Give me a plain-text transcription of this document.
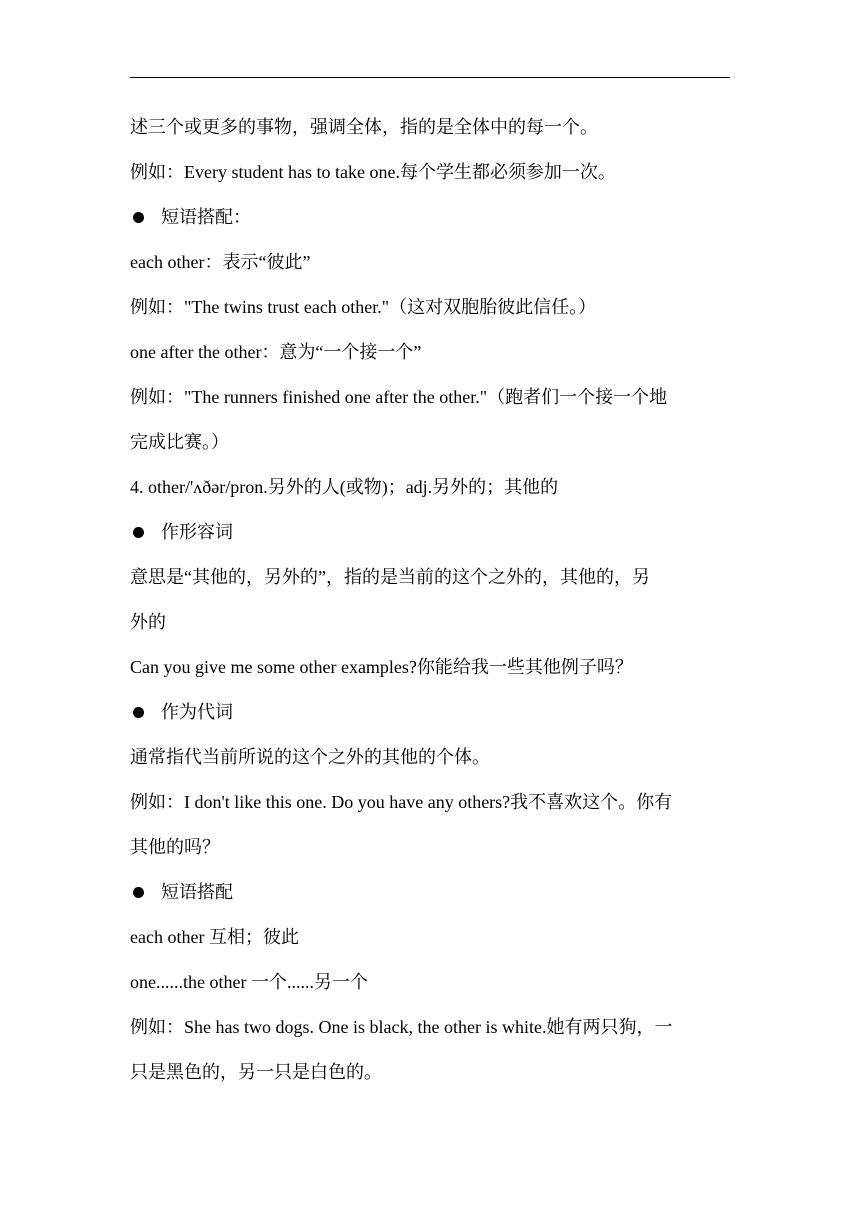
述三个或更多的事物，强调全体，指的是全体中的每一个。
例如：Every student has to take one.每个学生都必须参加一次。
短语搭配：
each other：表示“彼此”
例如："The twins trust each other."（这对双胞胎彼此信任。）
one after the other：意为“一个接一个”
例如："The runners finished one after the other."（跑者们一个接一个地
完成比赛。）
4. other/'ʌðər/pron.另外的人(或物)；adj.另外的；其他的
作形容词
意思是“其他的，另外的”，指的是当前的这个之外的，其他的，另
外的
Can you give me some other examples?你能给我一些其他例子吗？
作为代词
通常指代当前所说的这个之外的其他的个体。
例如：I don't like this one. Do you have any others?我不喜欢这个。你有
其他的吗？
短语搭配
each other 互相；彼此
one......the other 一个......另一个
例如：She has two dogs. One is black, the other is white.她有两只狗，一
只是黑色的，另一只是白色的。
